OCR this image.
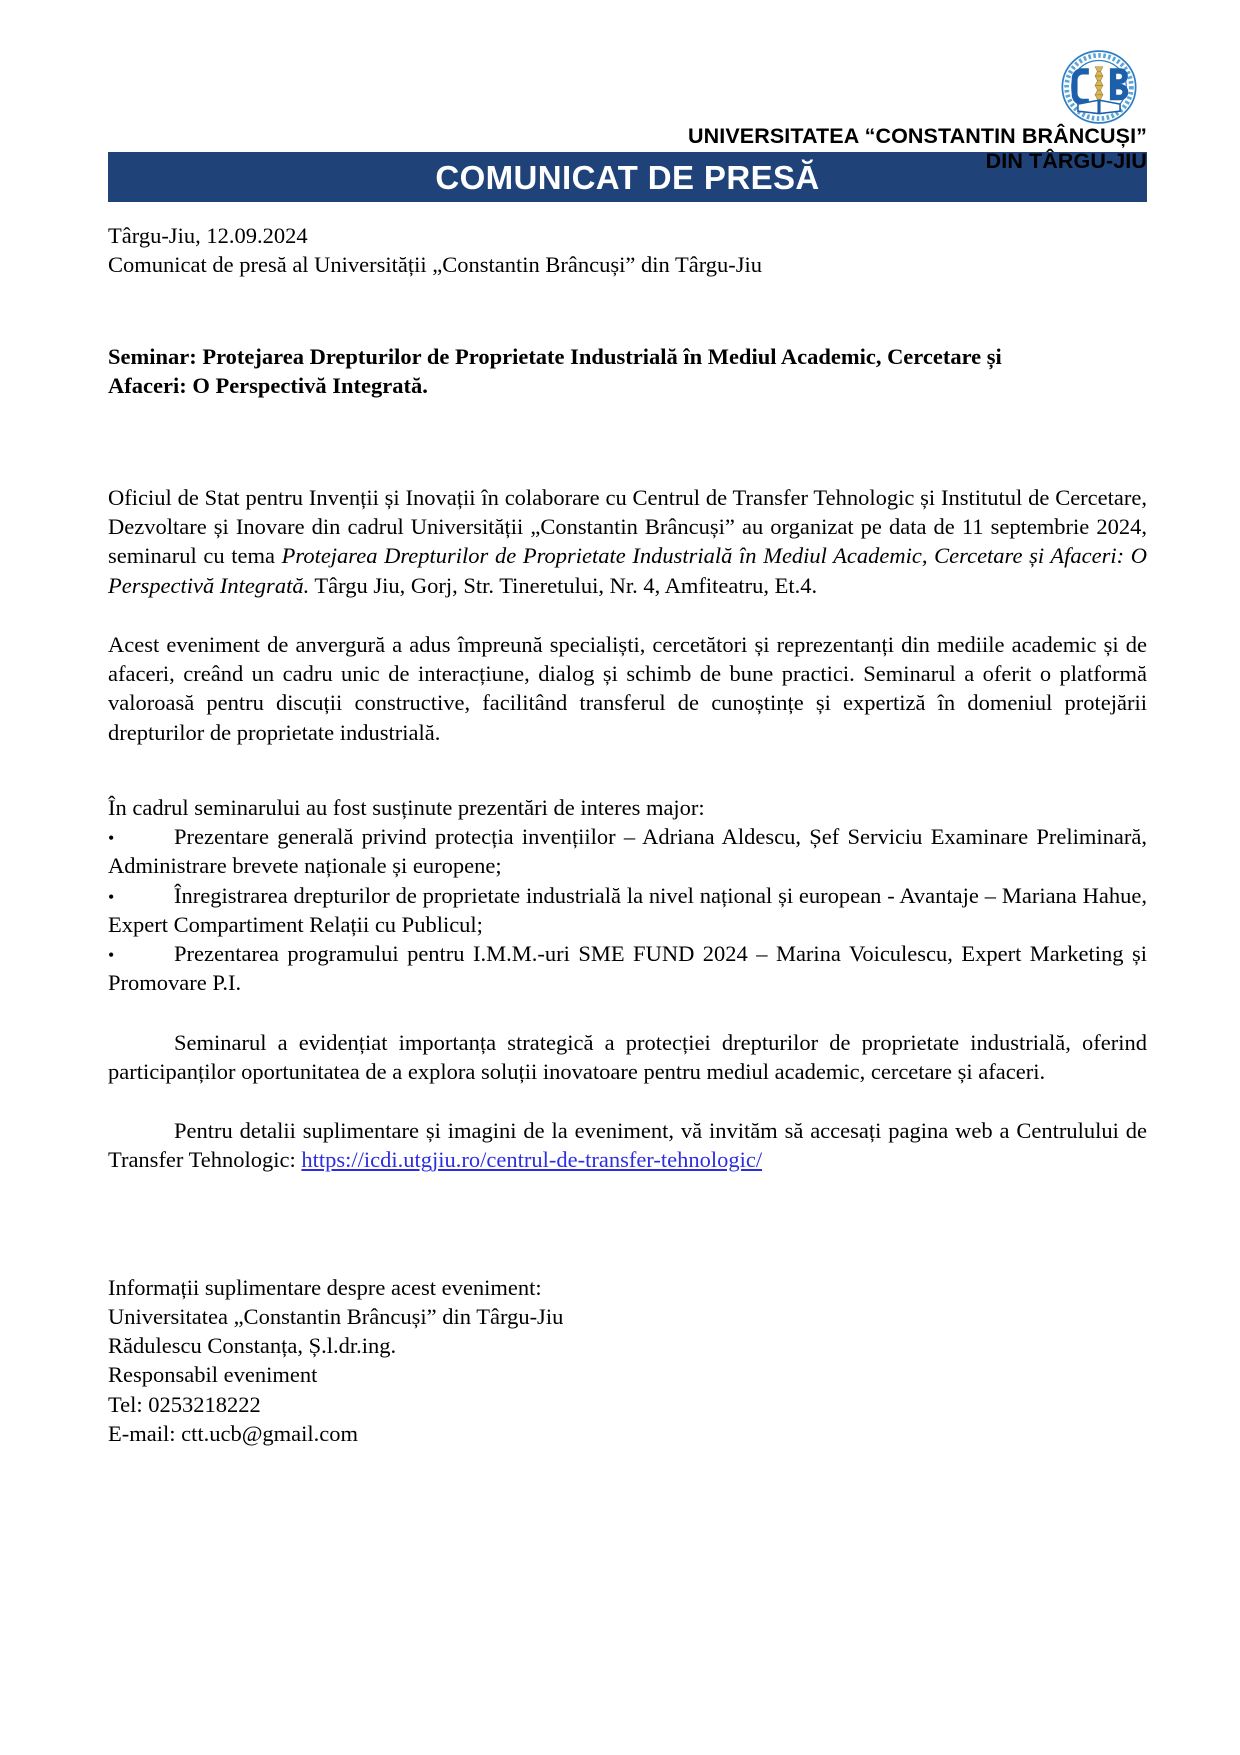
UNIVERSITATEA “CONSTANTIN BRÂNCUȘI”
DIN TÂRGU-JIU
COMUNICAT DE PRESĂ

Târgu-Jiu, 12.09.2024

Comunicat de presă al Universității „Constantin Brâncuși” din Târgu-Jiu

Seminar: Protejarea Drepturilor de Proprietate Industrială în Mediul Academic, Cercetare și
Afaceri: O Perspectivă Integrată.

Oficiul de Stat pentru Invenții și Inovații în colaborare cu Centrul de Transfer Tehnologic și Institutul de Cercetare, Dezvoltare și Inovare din cadrul Universității „Constantin Brâncuși” au organizat pe data de 11 septembrie 2024, seminarul cu tema Protejarea Drepturilor de Proprietate Industrială în Mediul Academic, Cercetare și Afaceri: O Perspectivă Integrată. Târgu Jiu, Gorj, Str. Tineretului, Nr. 4, Amfiteatru, Et.4.

Acest eveniment de anvergură a adus împreună specialiști, cercetători și reprezentanți din mediile academic și de afaceri, creând un cadru unic de interacțiune, dialog și schimb de bune practici. Seminarul a oferit o platformă valoroasă pentru discuții constructive, facilitând transferul de cunoștințe și expertiză în domeniul protejării drepturilor de proprietate industrială.

În cadrul seminarului au fost susținute prezentări de interes major:

•	Prezentare generală privind protecția invențiilor – Adriana Aldescu, Șef Serviciu Examinare Preliminară, Administrare brevete naționale și europene;

•	Înregistrarea drepturilor de proprietate industrială la nivel național și european - Avantaje – Mariana Hahue, Expert Compartiment Relații cu Publicul;

•	Prezentarea programului pentru I.M.M.-uri SME FUND 2024 – Marina Voiculescu, Expert Marketing și Promovare P.I.

Seminarul a evidențiat importanța strategică a protecției drepturilor de proprietate industrială, oferind participanților oportunitatea de a explora soluții inovatoare pentru mediul academic, cercetare și afaceri.

Pentru detalii suplimentare și imagini de la eveniment, vă invităm să accesați pagina web a Centrulului de Transfer Tehnologic: https://icdi.utgjiu.ro/centrul-de-transfer-tehnologic/

Informații suplimentare despre acest eveniment:

Universitatea „Constantin Brâncuși” din Târgu-Jiu

Rădulescu Constanța, Ș.l.dr.ing.

Responsabil eveniment

Tel: 0253218222

E-mail: ctt.ucb@gmail.com
